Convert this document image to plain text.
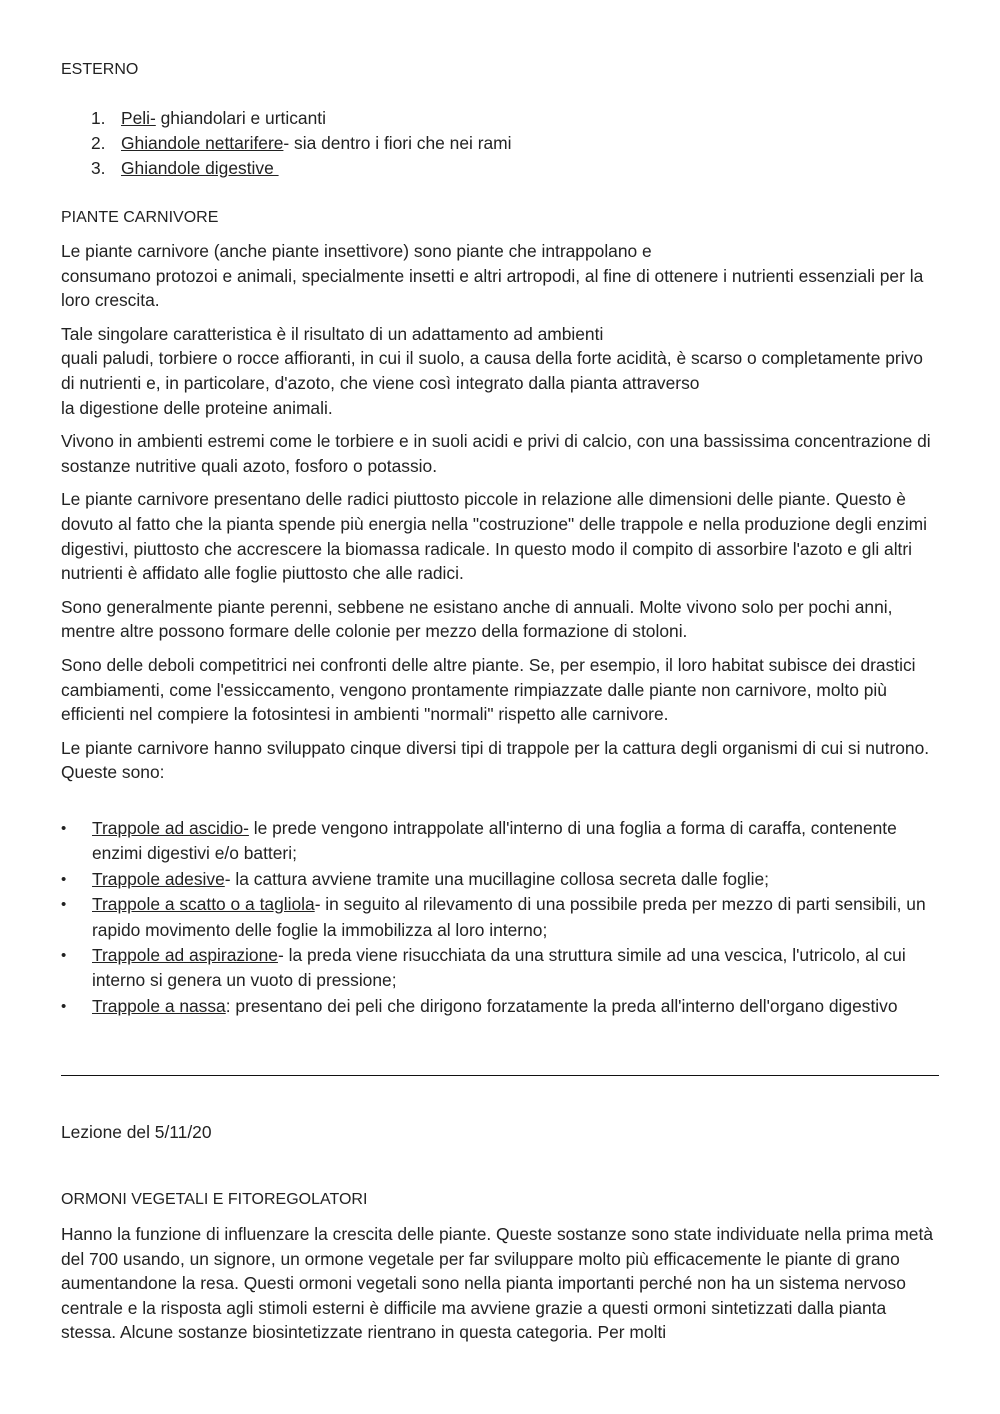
ESTERNO
1. Peli- ghiandolari e urticanti
2. Ghiandole nettarifere- sia dentro i fiori che nei rami
3. Ghiandole digestive
PIANTE CARNIVORE

Le piante carnivore (anche piante insettivore) sono piante che intrappolano e
consumano protozoi e animali, specialmente insetti e altri artropodi, al fine di ottenere i nutrienti essenziali per la loro crescita.

Tale singolare caratteristica è il risultato di un adattamento ad ambienti
quali paludi, torbiere o rocce affioranti, in cui il suolo, a causa della forte acidità, è scarso o completamente privo di nutrienti e, in particolare, d'azoto, che viene così integrato dalla pianta attraverso
la digestione delle proteine animali.

Vivono in ambienti estremi come le torbiere e in suoli acidi e privi di calcio, con una bassissima concentrazione di sostanze nutritive quali azoto, fosforo o potassio.

Le piante carnivore presentano delle radici piuttosto piccole in relazione alle dimensioni delle piante. Questo è dovuto al fatto che la pianta spende più energia nella "costruzione" delle trappole e nella produzione degli enzimi digestivi, piuttosto che accrescere la biomassa radicale. In questo modo il compito di assorbire l'azoto e gli altri nutrienti è affidato alle foglie piuttosto che alle radici.

Sono generalmente piante perenni, sebbene ne esistano anche di annuali. Molte vivono solo per pochi anni, mentre altre possono formare delle colonie per mezzo della formazione di stoloni.

Sono delle deboli competitrici nei confronti delle altre piante. Se, per esempio, il loro habitat subisce dei drastici cambiamenti, come l'essiccamento, vengono prontamente rimpiazzate dalle piante non carnivore, molto più efficienti nel compiere la fotosintesi in ambienti "normali" rispetto alle carnivore.

Le piante carnivore hanno sviluppato cinque diversi tipi di trappole per la cattura degli organismi di cui si nutrono. Queste sono:

• Trappole ad ascidio- le prede vengono intrappolate all'interno di una foglia a forma di caraffa, contenente enzimi digestivi e/o batteri;
• Trappole adesive- la cattura avviene tramite una mucillagine collosa secreta dalle foglie;
• Trappole a scatto o a tagliola- in seguito al rilevamento di una possibile preda per mezzo di parti sensibili, un rapido movimento delle foglie la immobilizza al loro interno;
• Trappole ad aspirazione- la preda viene risucchiata da una struttura simile ad una vescica, l'utricolo, al cui interno si genera un vuoto di pressione;
• Trappole a nassa: presentano dei peli che dirigono forzatamente la preda all'interno dell'organo digestivo

Lezione del 5/11/20

ORMONI VEGETALI E FITOREGOLATORI

Hanno la funzione di influenzare la crescita delle piante. Queste sostanze sono state individuate nella prima metà del 700 usando, un signore, un ormone vegetale per far sviluppare molto più efficacemente le piante di grano aumentandone la resa. Questi ormoni vegetali sono nella pianta importanti perché non ha un sistema nervoso centrale e la risposta agli stimoli esterni è difficile ma avviene grazie a questi ormoni sintetizzati dalla pianta stessa. Alcune sostanze biosintetizzate rientrano in questa categoria. Per molti
